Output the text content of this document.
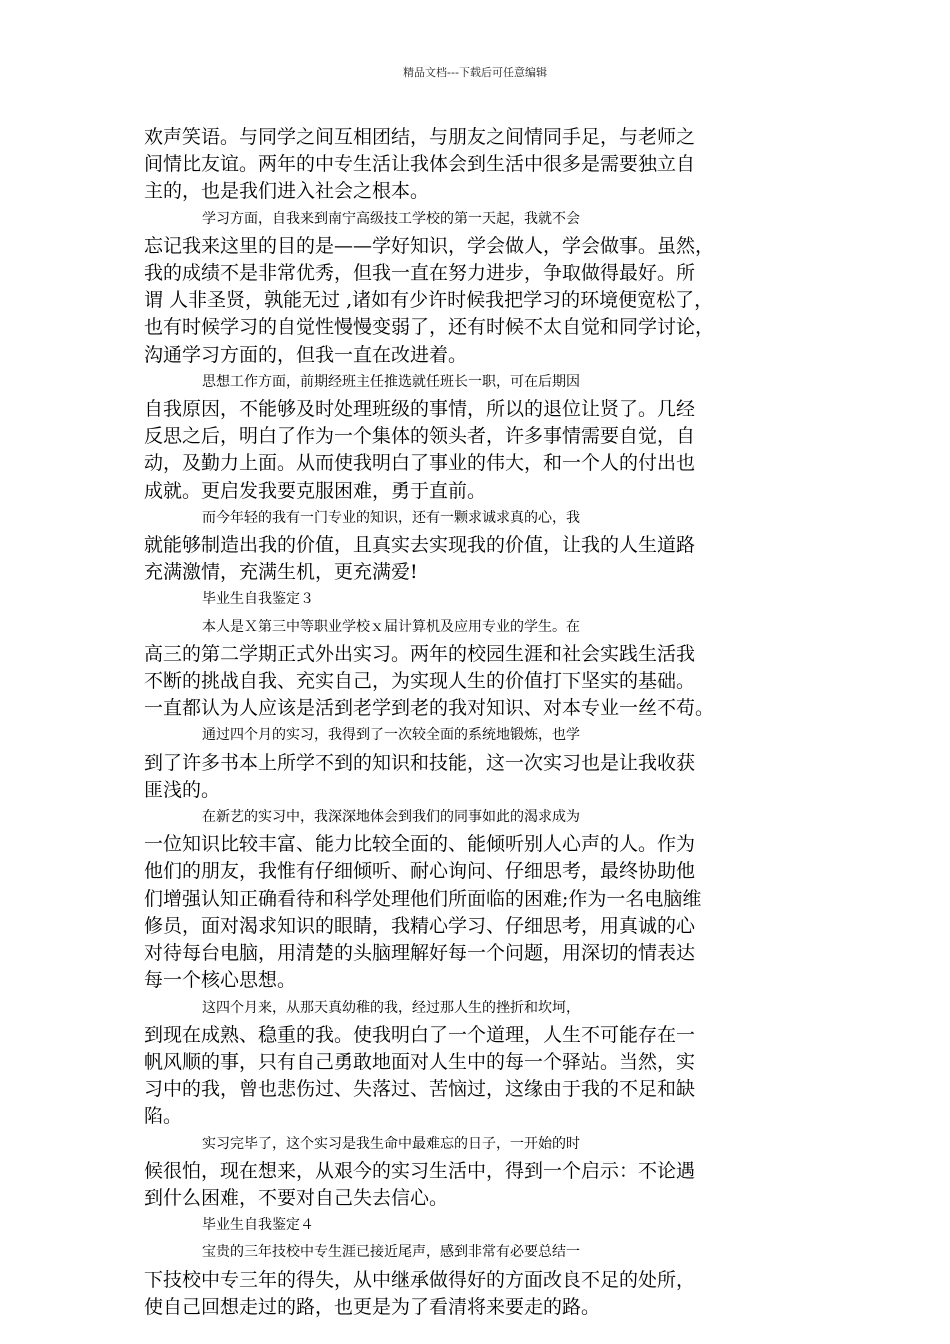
精品文档---下载后可任意编辑

欢声笑语。与同学之间互相团结，与朋友之间情同手足，与老师之

间情比友谊。两年的中专生活让我体会到生活中很多是需要独立自

主的，也是我们进入社会之根本。

学习方面，自我来到南宁高级技工学校的第一天起，我就不会

忘记我来这里的目的是——学好知识，学会做人，学会做事。虽然，

我的成绩不是非常优秀，但我一直在努力进步，争取做得最好。所

谓 人非圣贤，孰能无过 ,诸如有少许时候我把学习的环境便宽松了，

也有时候学习的自觉性慢慢变弱了，还有时候不太自觉和同学讨论，

沟通学习方面的，但我一直在改进着。

思想工作方面，前期经班主任推选就任班长一职，可在后期因

自我原因，不能够及时处理班级的事情，所以的退位让贤了。几经

反思之后，明白了作为一个集体的领头者，许多事情需要自觉，自

动，及勤力上面。从而使我明白了事业的伟大，和一个人的付出也

成就。更启发我要克服困难，勇于直前。

而今年轻的我有一门专业的知识，还有一颗求诚求真的心，我

就能够制造出我的价值，且真实去实现我的价值，让我的人生道路

充满激情，充满生机，更充满爱!

毕业生自我鉴定３

本人是Ｘ第三中等职业学校ｘ届计算机及应用专业的学生。在

高三的第二学期正式外出实习。两年的校园生涯和社会实践生活我

不断的挑战自我、充实自己，为实现人生的价值打下坚实的基础。

一直都认为人应该是活到老学到老的我对知识、对本专业一丝不苟。

通过四个月的实习，我得到了一次较全面的系统地锻炼，也学

到了许多书本上所学不到的知识和技能，这一次实习也是让我收获

匪浅的。

在新艺的实习中，我深深地体会到我们的同事如此的渴求成为

一位知识比较丰富、能力比较全面的、能倾听别人心声的人。作为

他们的朋友，我惟有仔细倾听、耐心询问、仔细思考，最终协助他

们增强认知正确看待和科学处理他们所面临的困难;作为一名电脑维

修员，面对渴求知识的眼睛，我精心学习、仔细思考，用真诚的心

对待每台电脑，用清楚的头脑理解好每一个问题，用深切的情表达

每一个核心思想。

这四个月来，从那天真幼稚的我，经过那人生的挫折和坎坷，

到现在成熟、稳重的我。使我明白了一个道理，人生不可能存在一

帆风顺的事，只有自己勇敢地面对人生中的每一个驿站。当然，实

习中的我，曾也悲伤过、失落过、苦恼过，这缘由于我的不足和缺

陷。

实习完毕了，这个实习是我生命中最难忘的日子，一开始的时

候很怕，现在想来，从艰今的实习生活中，得到一个启示：不论遇

到什么困难，不要对自己失去信心。

毕业生自我鉴定４

宝贵的三年技校中专生涯已接近尾声，感到非常有必要总结一

下技校中专三年的得失，从中继承做得好的方面改良不足的处所，

使自己回想走过的路，也更是为了看清将来要走的路。
